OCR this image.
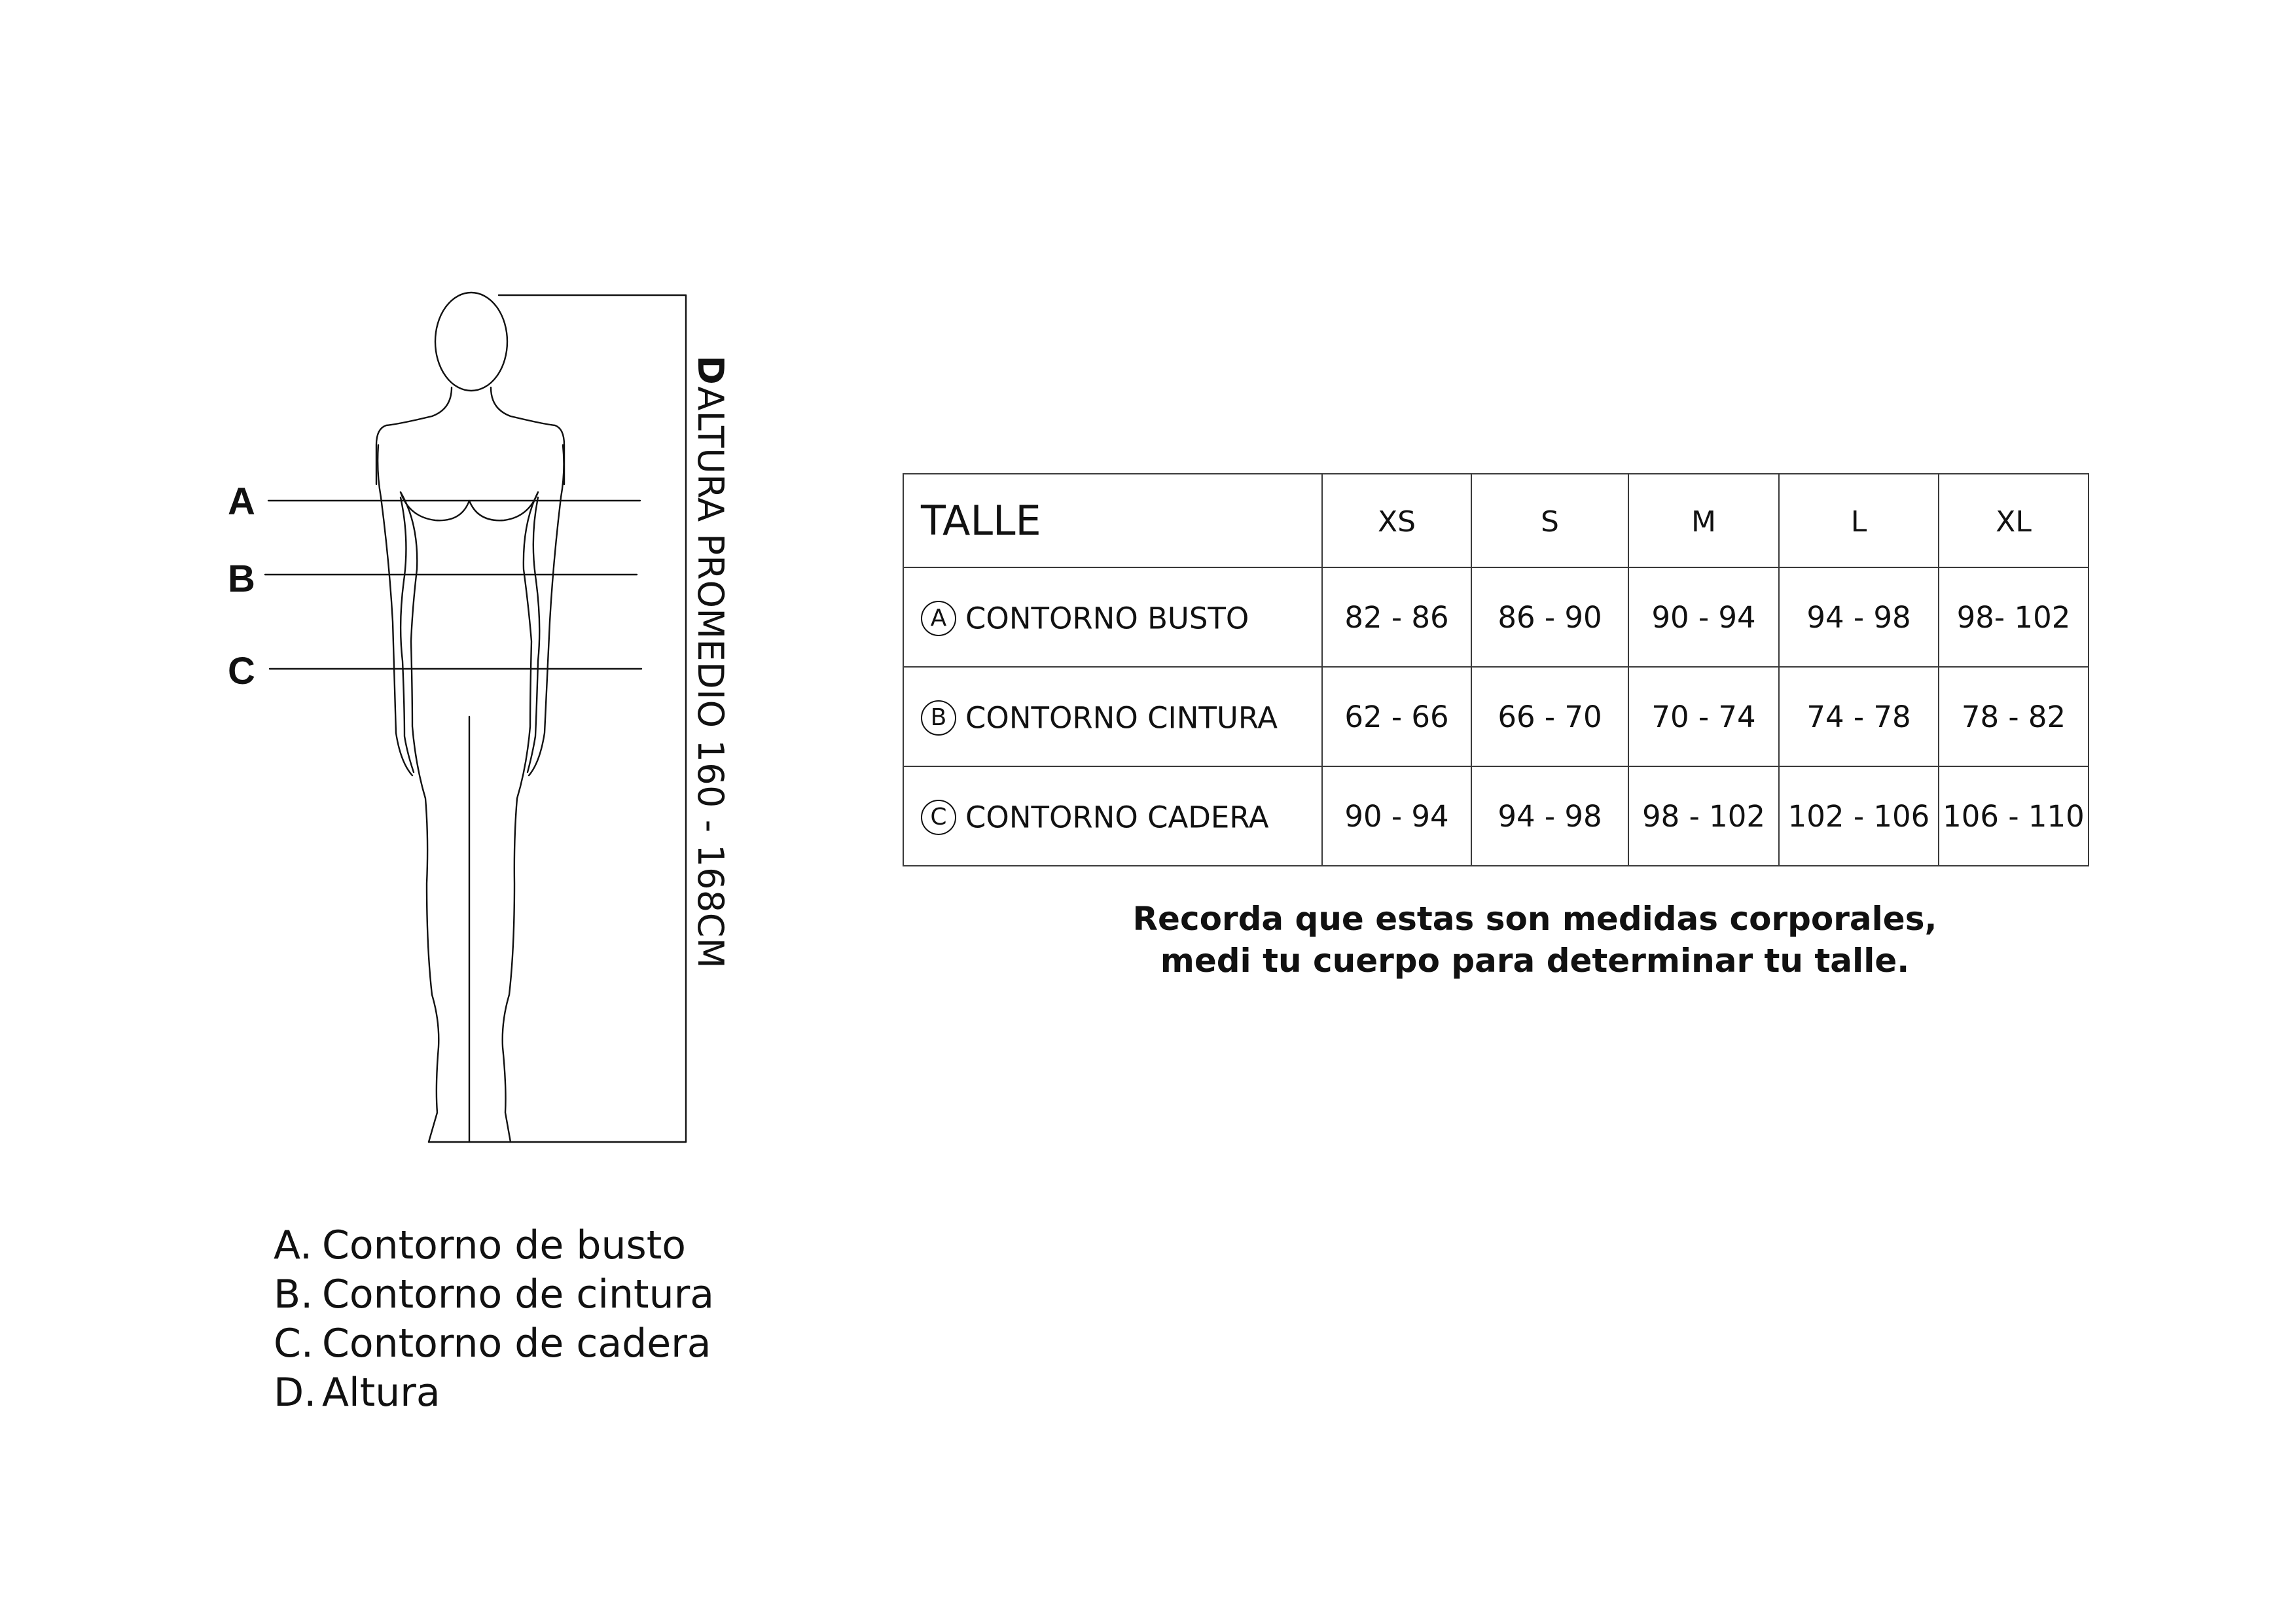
A
B
C
DALTURA PROMEDIO 160 - 168CM
A. Contorno de busto
B. Contorno de cintura
C. Contorno de cadera
D. Altura
TALLE	XS	S	M	L	XL
A CONTORNO BUSTO	82 - 86	86 - 90	90 - 94	94 - 98	98- 102
B CONTORNO CINTURA	62 - 66	66 - 70	70 - 74	74 - 78	78 - 82
C CONTORNO CADERA	90 - 94	94 - 98	98 - 102	102 - 106	106 - 110
Recorda que estas son medidas corporales,
medi tu cuerpo para determinar tu talle.
